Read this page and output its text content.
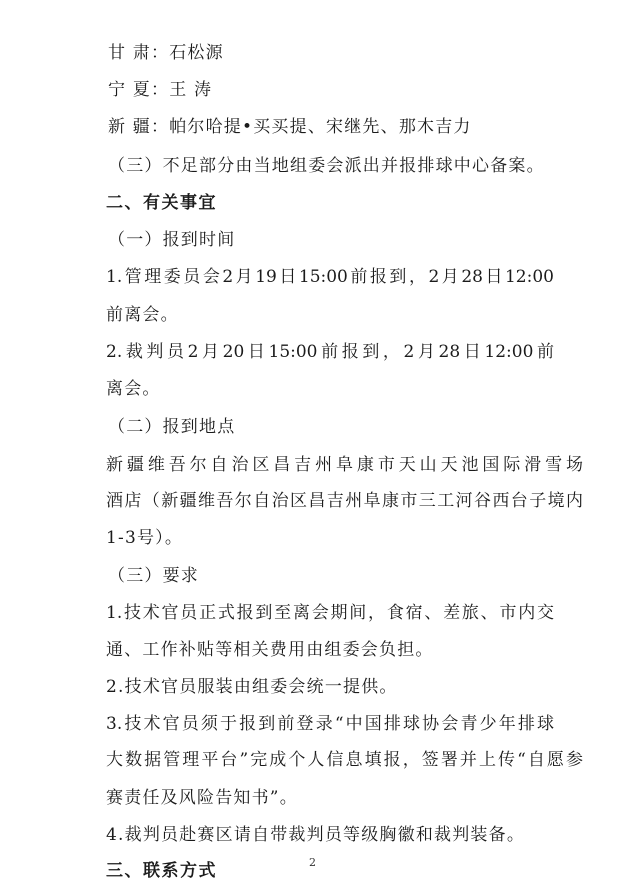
甘 肃：石松源
宁 夏：王 涛
新 疆：帕尔哈提•买买提、宋继先、那木吉力
（三）不足部分由当地组委会派出并报排球中心备案。
二、有关事宜
（一）报到时间
1.管理委员会2月19日15:00前报到，2月28日12:00
前离会。
2.裁判员2月20日15:00前报到，2月28日12:00前
离会。
（二）报到地点
新疆维吾尔自治区昌吉州阜康市天山天池国际滑雪场
酒店（新疆维吾尔自治区昌吉州阜康市三工河谷西台子境内
1-3号）。
（三）要求
1.技术官员正式报到至离会期间，食宿、差旅、市内交
通、工作补贴等相关费用由组委会负担。
2.技术官员服装由组委会统一提供。
3.技术官员须于报到前登录“中国排球协会青少年排球
大数据管理平台”完成个人信息填报，签署并上传“自愿参
赛责任及风险告知书”。
4.裁判员赴赛区请自带裁判员等级胸徽和裁判装备。
三、联系方式	2
